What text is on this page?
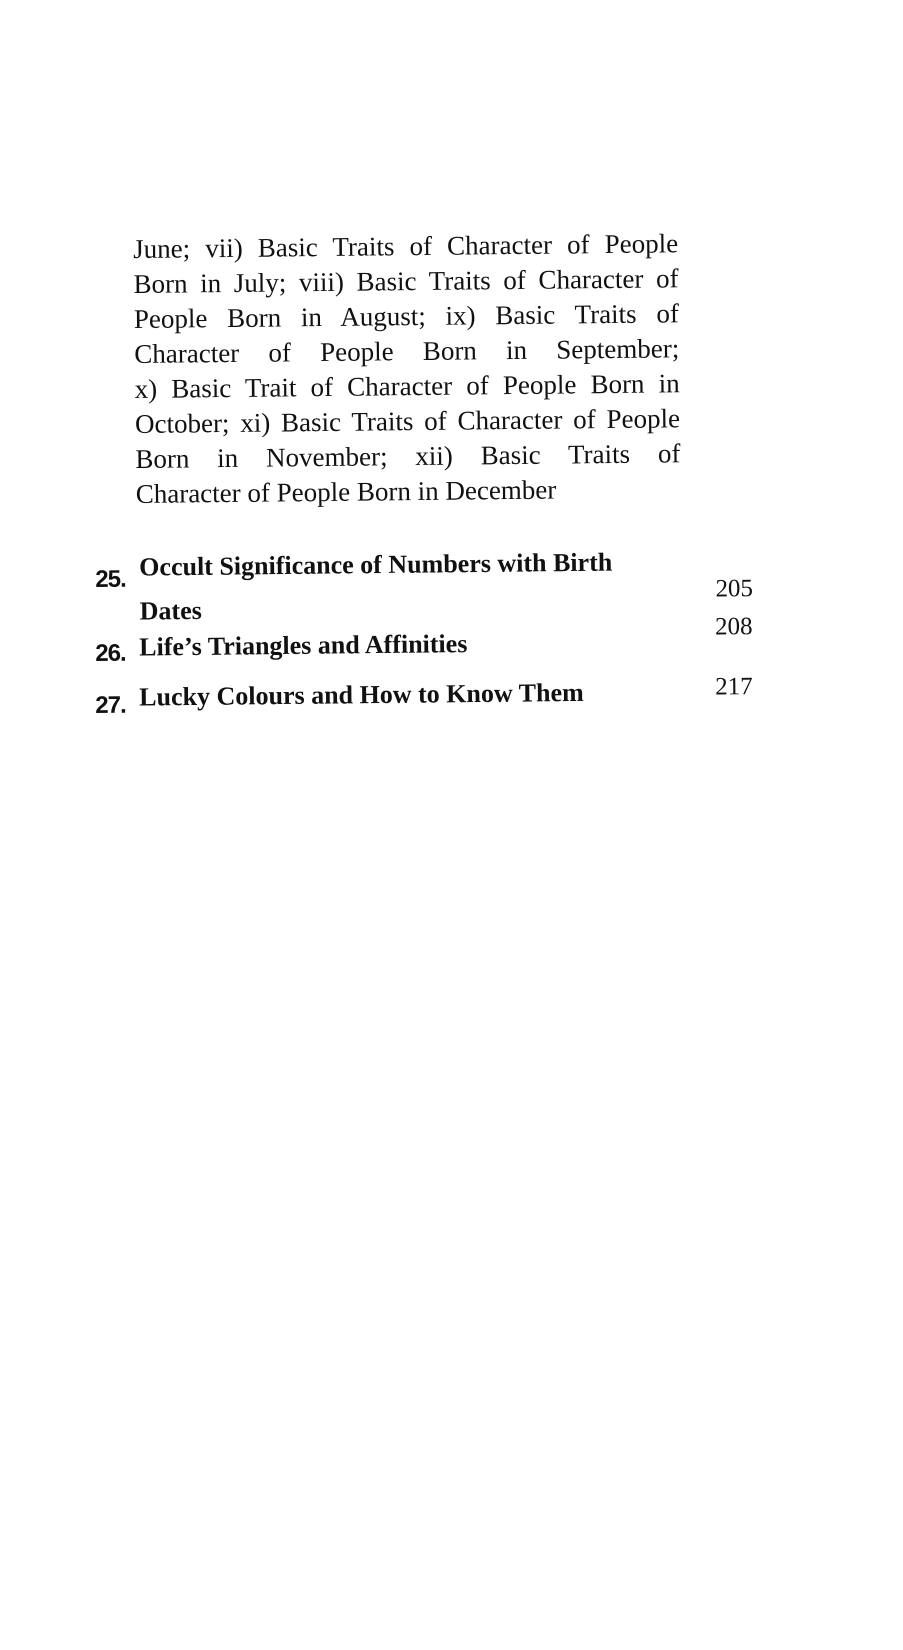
June; vii) Basic Traits of Character of People
Born in July; viii) Basic Traits of Character of
People Born in August; ix) Basic Traits of
Character of People Born in September;
x) Basic Trait of Character of People Born in
October; xi) Basic Traits of Character of People
Born in November; xii) Basic Traits of
Character of People Born in December
25. Occult Significance of Numbers with Birth
Dates
205
26. Life’s Triangles and Affinities
208
27. Lucky Colours and How to Know Them	217
